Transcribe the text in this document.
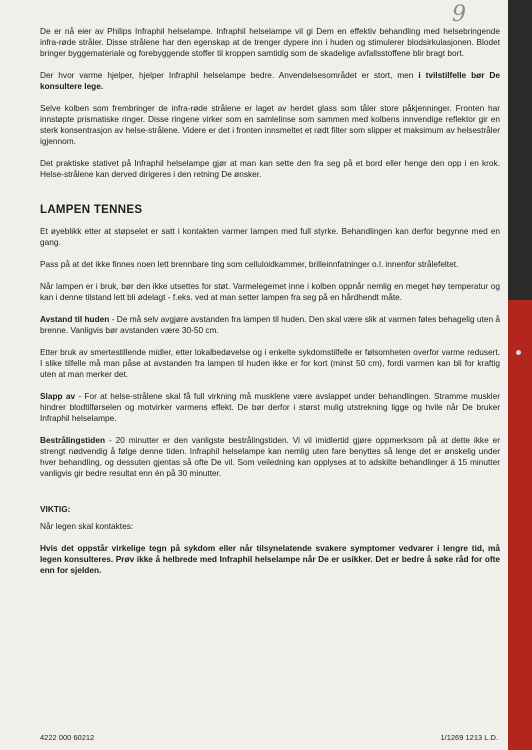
9

De er nå eier av Philips Infraphil helselampe. Infraphil helselampe vil gi Dem en effektiv behandling med helsebringende infra-røde stråler. Disse strålene har den egenskap at de trenger dypere inn i huden og stimulerer blodsirkulasjonen. Blodet bringer byggemateriale og forebyggende stoffer til kroppen samtidig som de skadelige avfallsstoffene blir bragt bort.

Der hvor varme hjelper, hjelper Infraphil helselampe bedre. Anvendelsesområdet er stort, men i tvilstilfelle bør De konsultere lege.

Selve kolben som frembringer de infra-røde strålene er laget av herdet glass som tåler store påkjenninger. Fronten har innstøpte prismatiske ringer. Disse ringene virker som en samlelinse som sammen med kolbens innvendige reflektor gir en sterk konsentrasjon av helse-strålene. Videre er det i fronten innsmeltet et rødt filter som slipper et maksimum av helsestråler igjennom.

Det praktiske stativet på Infraphil helselampe gjør at man kan sette den fra seg på et bord eller henge den opp i en krok. Helse-strålene kan derved dirigeres i den retning De ønsker.

LAMPEN TENNES

Et øyeblikk etter at støpselet er satt i kontakten varmer lampen med full styrke. Behandlingen kan derfor begynne med en gang.

Pass på at det ikke finnes noen lett brennbare ting som celluloidkammer, brilleinnfatninger o.l. innenfor strålefeltet.

Når lampen er i bruk, bør den ikke utsettes for støt. Varmelegemet inne i kolben oppnår nemlig en meget høy temperatur og kan i denne tilstand lett bli ødelagt - f.eks. ved at man setter lampen fra seg på en hårdhendt måte.

Avstand til huden - De må selv avgjøre avstanden fra lampen til huden. Den skal være slik at varmen føles behagelig uten å brenne. Vanligvis bør avstanden være 30-50 cm.

Etter bruk av smertestillende midler, etter lokalbedøvelse og i enkelte sykdomstilfelle er følsomheten overfor varme redusert. I slike tilfelle må man påse at avstanden fra lampen til huden ikke er for kort (minst 50 cm), fordi varmen kan bli for kraftig uten at man merker det.

Slapp av - For at helse-strålene skal få full virkning må musklene være avslappet under behandlingen. Stramme muskler hindrer blodtilførselen og motvirker varmens effekt. De bør derfor i størst mulig utstrekning ligge og hvile når De bruker Infraphil helselampe.

Bestrålingstiden - 20 minutter er den vanligste bestrålingstiden. Vi vil imidlertid gjøre oppmerksom på at dette ikke er strengt nødvendig å følge denne tiden. Infraphil helselampe kan nemlig uten fare benyttes så lenge det er ønskelig under hver behandling, og dessuten gjentas så ofte De vil. Som veiledning kan opplyses at to adskilte behandlinger á 15 minutter vanligvis gir bedre resultat enn én på 30 minutter.

VIKTIG:

Når legen skal kontaktes:

Hvis det oppstår virkelige tegn på sykdom eller når tilsynelatende svakere symptomer vedvarer i lengre tid, må legen konsulteres. Prøv ikke å helbrede med Infraphil helselampe når De er usikker. Det er bedre å søke råd for ofte enn for sjelden.

4222 000 60212	1/1269 1213 L.D.
